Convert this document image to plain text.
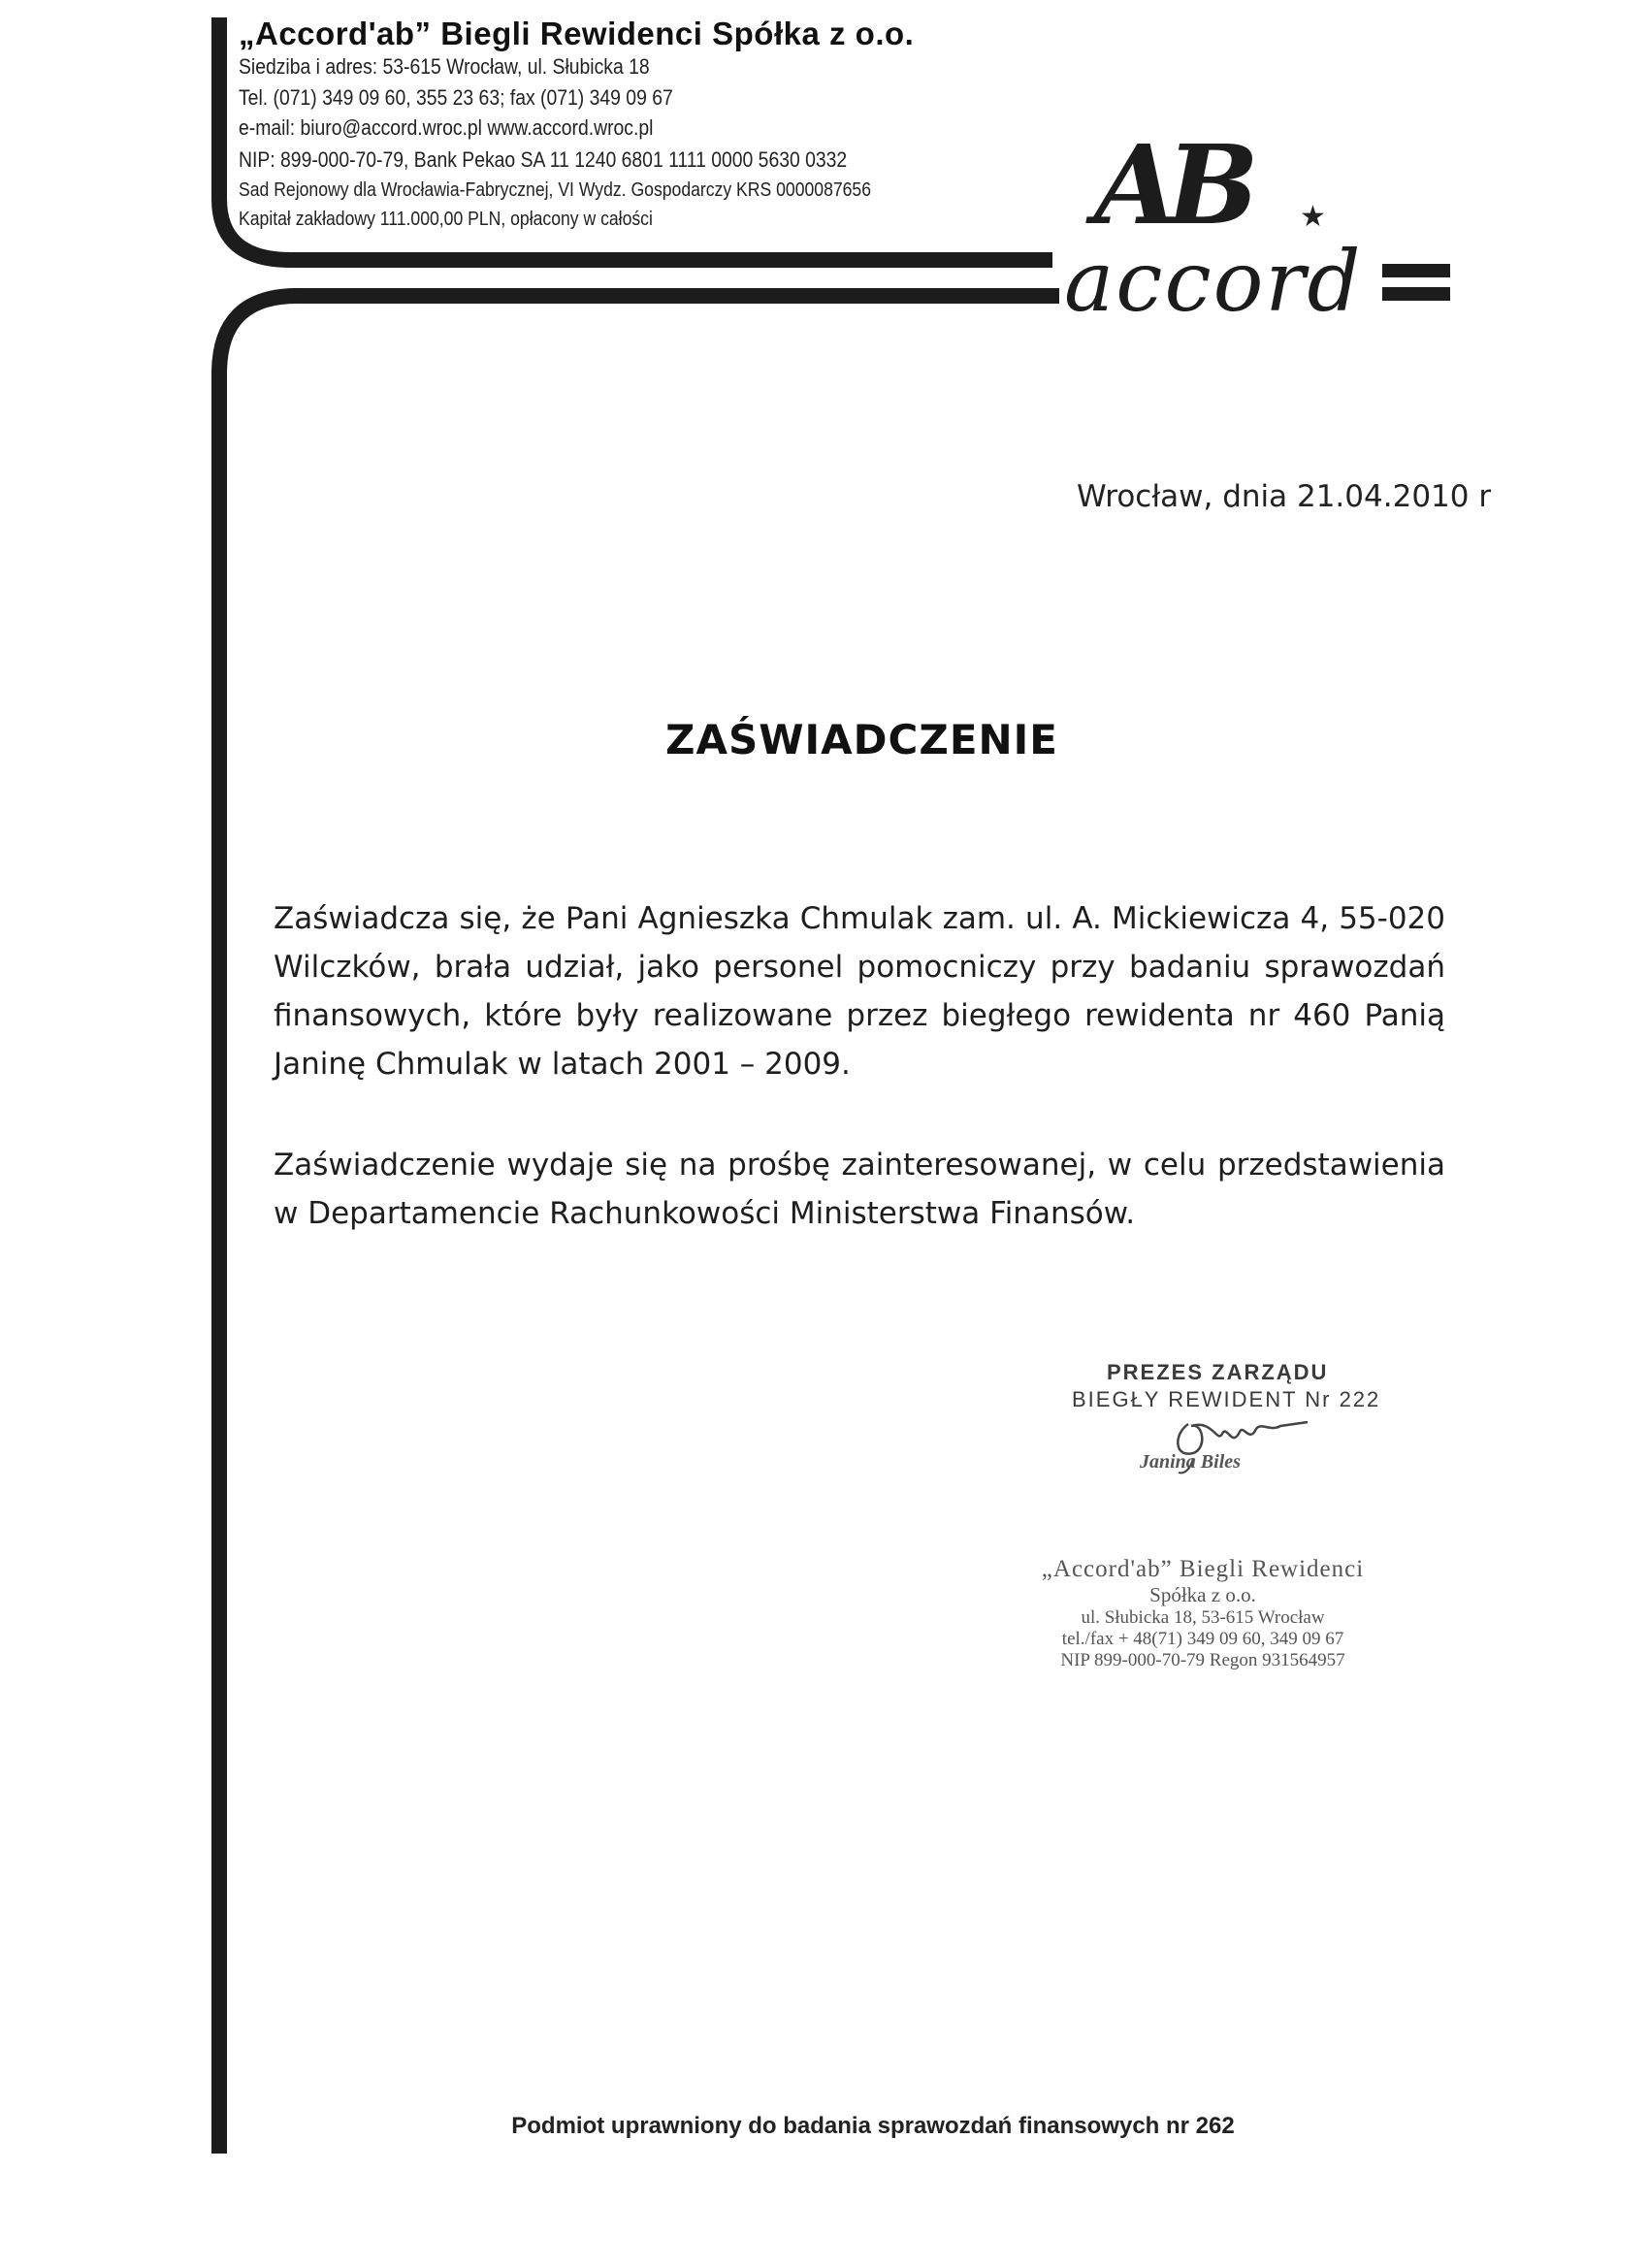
„Accord'ab” Biegli Rewidenci Spółka z o.o.
Siedziba i adres: 53-615 Wrocław, ul. Słubicka 18
Tel. (071) 349 09 60, 355 23 63; fax (071) 349 09 67
e-mail: biuro@accord.wroc.pl www.accord.wroc.pl
NIP: 899-000-70-79, Bank Pekao SA 11 1240 6801 1111 0000 5630 0332
Sad Rejonowy dla Wrocławia-Fabrycznej, VI Wydz. Gospodarczy KRS 0000087656
Kapitał zakładowy 111.000,00 PLN, opłacony w całości	AB ★
accord
Wrocław, dnia 21.04.2010 r
ZAŚWIADCZENIE
Zaświadcza się, że Pani Agnieszka Chmulak zam. ul. A. Mickiewicza 4, 55-020 Wilczków, brała udział, jako personel pomocniczy przy badaniu sprawozdań finansowych, które były realizowane przez biegłego rewidenta nr 460 Panią Janinę Chmulak w latach 2001 – 2009.
Zaświadczenie wydaje się na prośbę zainteresowanej, w celu przedstawienia w Departamencie Rachunkowości Ministerstwa Finansów.
PREZES ZARZĄDU
BIEGŁY REWIDENT Nr 222
Janina Biles
„Accord'ab” Biegli Rewidenci
Spółka z o.o.
ul. Słubicka 18, 53-615 Wrocław
tel./fax + 48(71) 349 09 60, 349 09 67
NIP 899-000-70-79 Regon 931564957
Podmiot uprawniony do badania sprawozdań finansowych nr 262
